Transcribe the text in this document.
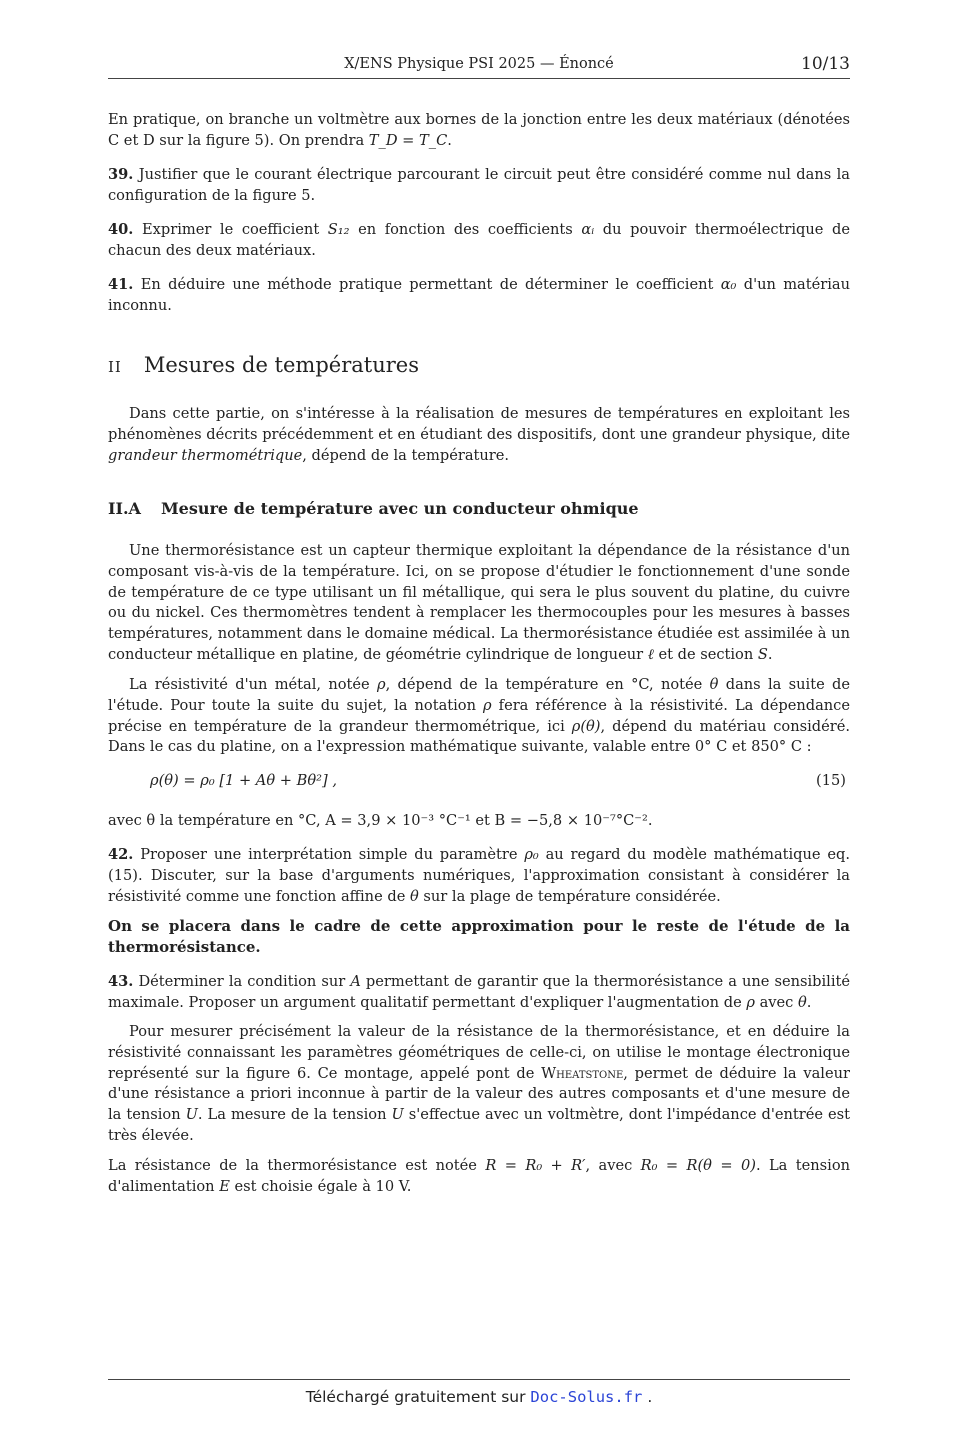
X/ENS Physique PSI 2025 — Énoncé	10/13

En pratique, on branche un voltmètre aux bornes de la jonction entre les deux matériaux (dénotées C et D sur la figure 5). On prendra T_D = T_C.

39. Justifier que le courant électrique parcourant le circuit peut être considéré comme nul dans la configuration de la figure 5.

40. Exprimer le coefficient S₁₂ en fonction des coefficients αᵢ du pouvoir thermoélectrique de chacun des deux matériaux.

41. En déduire une méthode pratique permettant de déterminer le coefficient α₀ d'un matériau inconnu.

II Mesures de températures

Dans cette partie, on s'intéresse à la réalisation de mesures de températures en exploitant les phénomènes décrits précédemment et en étudiant des dispositifs, dont une grandeur physique, dite grandeur thermométrique, dépend de la température.

II.A Mesure de température avec un conducteur ohmique

Une thermorésistance est un capteur thermique exploitant la dépendance de la résistance d'un composant vis-à-vis de la température. Ici, on se propose d'étudier le fonctionnement d'une sonde de température de ce type utilisant un fil métallique, qui sera le plus souvent du platine, du cuivre ou du nickel. Ces thermomètres tendent à remplacer les thermocouples pour les mesures à basses températures, notamment dans le domaine médical. La thermorésistance étudiée est assimilée à un conducteur métallique en platine, de géométrie cylindrique de longueur ℓ et de section S.

La résistivité d'un métal, notée ρ, dépend de la température en °C, notée θ dans la suite de l'étude. Pour toute la suite du sujet, la notation ρ fera référence à la résistivité. La dépendance précise en température de la grandeur thermométrique, ici ρ(θ), dépend du matériau considéré. Dans le cas du platine, on a l'expression mathématique suivante, valable entre 0° C et 850° C :

ρ(θ) = ρ₀ [1 + Aθ + Bθ²] ,	(15)

avec θ la température en °C, A = 3,9 × 10⁻³ °C⁻¹ et B = −5,8 × 10⁻⁷°C⁻².

42. Proposer une interprétation simple du paramètre ρ₀ au regard du modèle mathématique eq. (15). Discuter, sur la base d'arguments numériques, l'approximation consistant à considérer la résistivité comme une fonction affine de θ sur la plage de température considérée.

On se placera dans le cadre de cette approximation pour le reste de l'étude de la thermorésistance.

43. Déterminer la condition sur A permettant de garantir que la thermorésistance a une sensibilité maximale. Proposer un argument qualitatif permettant d'expliquer l'augmentation de ρ avec θ.

Pour mesurer précisément la valeur de la résistance de la thermorésistance, et en déduire la résistivité connaissant les paramètres géométriques de celle-ci, on utilise le montage électronique représenté sur la figure 6. Ce montage, appelé pont de Wheatstone, permet de déduire la valeur d'une résistance a priori inconnue à partir de la valeur des autres composants et d'une mesure de la tension U. La mesure de la tension U s'effectue avec un voltmètre, dont l'impédance d'entrée est très élevée.

La résistance de la thermorésistance est notée R = R₀ + R′, avec R₀ = R(θ = 0). La tension d'alimentation E est choisie égale à 10 V.

Téléchargé gratuitement sur Doc-Solus.fr .
